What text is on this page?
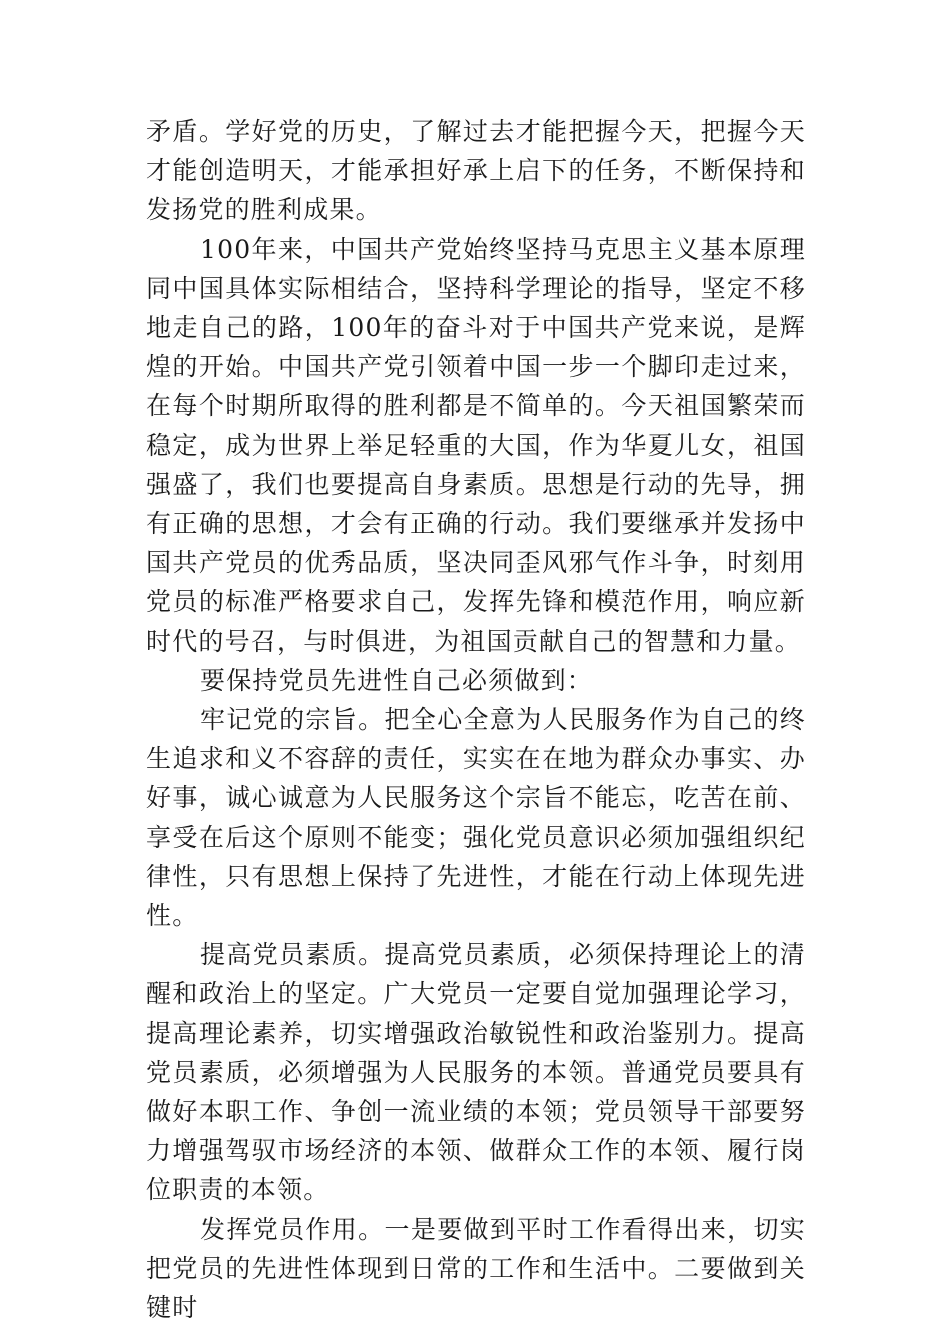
矛盾。学好党的历史，了解过去才能把握今天，把握今天才能创造明天，才能承担好承上启下的任务，不断保持和发扬党的胜利成果。

100年来，中国共产党始终坚持马克思主义基本原理同中国具体实际相结合，坚持科学理论的指导，坚定不移地走自己的路，100年的奋斗对于中国共产党来说，是辉煌的开始。中国共产党引领着中国一步一个脚印走过来，在每个时期所取得的胜利都是不简单的。今天祖国繁荣而稳定，成为世界上举足轻重的大国，作为华夏儿女，祖国强盛了，我们也要提高自身素质。思想是行动的先导，拥有正确的思想，才会有正确的行动。我们要继承并发扬中国共产党员的优秀品质，坚决同歪风邪气作斗争，时刻用党员的标准严格要求自己，发挥先锋和模范作用，响应新时代的号召，与时俱进，为祖国贡献自己的智慧和力量。

要保持党员先进性自己必须做到：

牢记党的宗旨。把全心全意为人民服务作为自己的终生追求和义不容辞的责任，实实在在地为群众办事实、办好事，诚心诚意为人民服务这个宗旨不能忘，吃苦在前、享受在后这个原则不能变；强化党员意识必须加强组织纪律性，只有思想上保持了先进性，才能在行动上体现先进性。

提高党员素质。提高党员素质，必须保持理论上的清醒和政治上的坚定。广大党员一定要自觉加强理论学习，提高理论素养，切实增强政治敏锐性和政治鉴别力。提高党员素质，必须增强为人民服务的本领。普通党员要具有做好本职工作、争创一流业绩的本领；党员领导干部要努力增强驾驭市场经济的本领、做群众工作的本领、履行岗位职责的本领。

发挥党员作用。一是要做到平时工作看得出来，切实把党员的先进性体现到日常的工作和生活中。二要做到关键时
